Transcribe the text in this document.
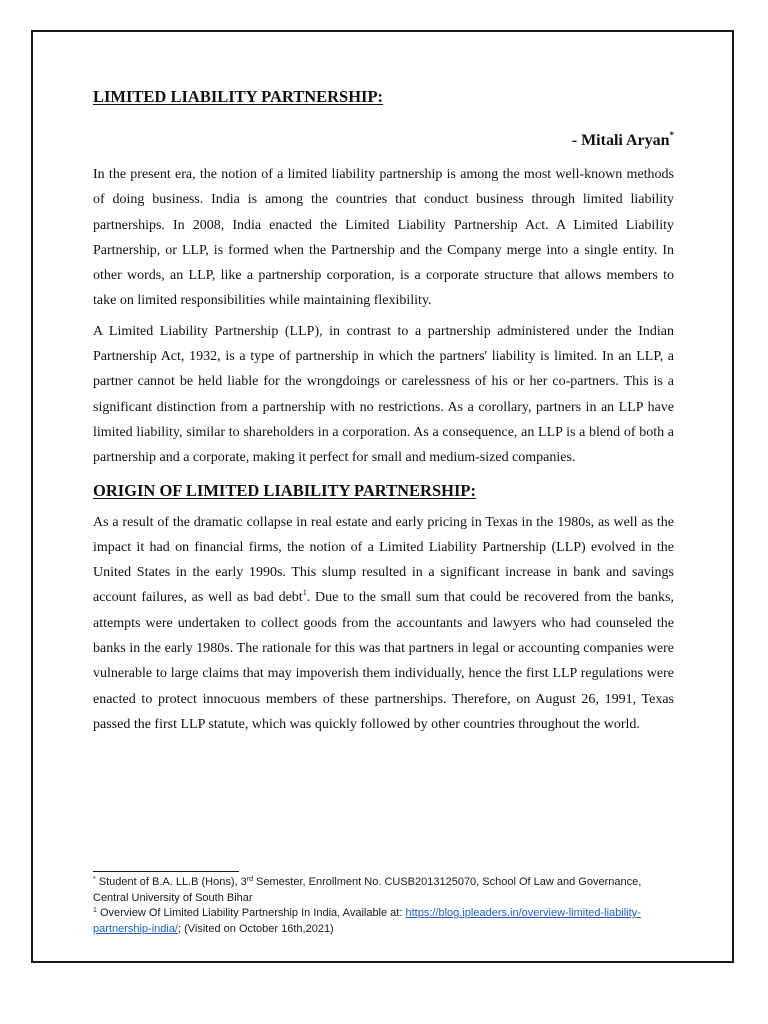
LIMITED LIABILITY PARTNERSHIP:
- Mitali Aryan*

In the present era, the notion of a limited liability partnership is among the most well-known methods of doing business. India is among the countries that conduct business through limited liability partnerships. In 2008, India enacted the Limited Liability Partnership Act. A Limited Liability Partnership, or LLP, is formed when the Partnership and the Company merge into a single entity. In other words, an LLP, like a partnership corporation, is a corporate structure that allows members to take on limited responsibilities while maintaining flexibility.

A Limited Liability Partnership (LLP), in contrast to a partnership administered under the Indian Partnership Act, 1932, is a type of partnership in which the partners' liability is limited. In an LLP, a partner cannot be held liable for the wrongdoings or carelessness of his or her co-partners. This is a significant distinction from a partnership with no restrictions. As a corollary, partners in an LLP have limited liability, similar to shareholders in a corporation. As a consequence, an LLP is a blend of both a partnership and a corporate, making it perfect for small and medium-sized companies.

ORIGIN OF LIMITED LIABILITY PARTNERSHIP:

As a result of the dramatic collapse in real estate and early pricing in Texas in the 1980s, as well as the impact it had on financial firms, the notion of a Limited Liability Partnership (LLP) evolved in the United States in the early 1990s. This slump resulted in a significant increase in bank and savings account failures, as well as bad debt$^1$. Due to the small sum that could be recovered from the banks, attempts were undertaken to collect goods from the accountants and lawyers who had counseled the banks in the early 1980s. The rationale for this was that partners in legal or accounting companies were vulnerable to large claims that may impoverish them individually, hence the first LLP regulations were enacted to protect innocuous members of these partnerships. Therefore, on August 26, 1991, Texas passed the first LLP statute, which was quickly followed by other countries throughout the world.

* Student of B.A. LL.B (Hons), 3rd Semester, Enrollment No. CUSB2013125070, School Of Law and Governance, Central University of South Bihar

$^1$ Overview Of Limited Liability Partnership In India, Available at: https://blog.ipleaders.in/overview-limited-liability-partnership-india/; (Visited on October 16th,2021)
